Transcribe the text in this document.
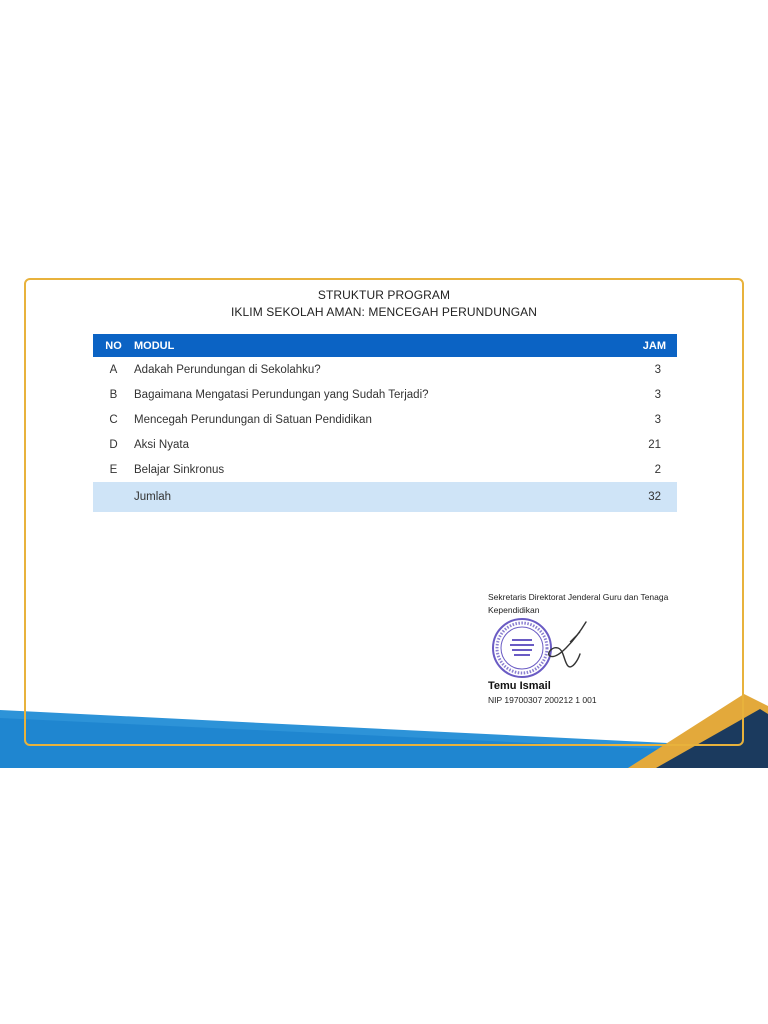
STRUKTUR PROGRAM
IKLIM SEKOLAH AMAN: MENCEGAH PERUNDUNGAN
NO	MODUL	JAM
A	Adakah Perundungan di Sekolahku?	3
B	Bagaimana Mengatasi Perundungan yang Sudah Terjadi?	3
C	Mencegah Perundungan di Satuan Pendidikan	3
D	Aksi Nyata	21
E	Belajar Sinkronus	2
	Jumlah	32
Sekretaris Direktorat Jenderal Guru dan Tenaga Kependidikan
Temu Ismail
NIP 19700307 200212 1 001
